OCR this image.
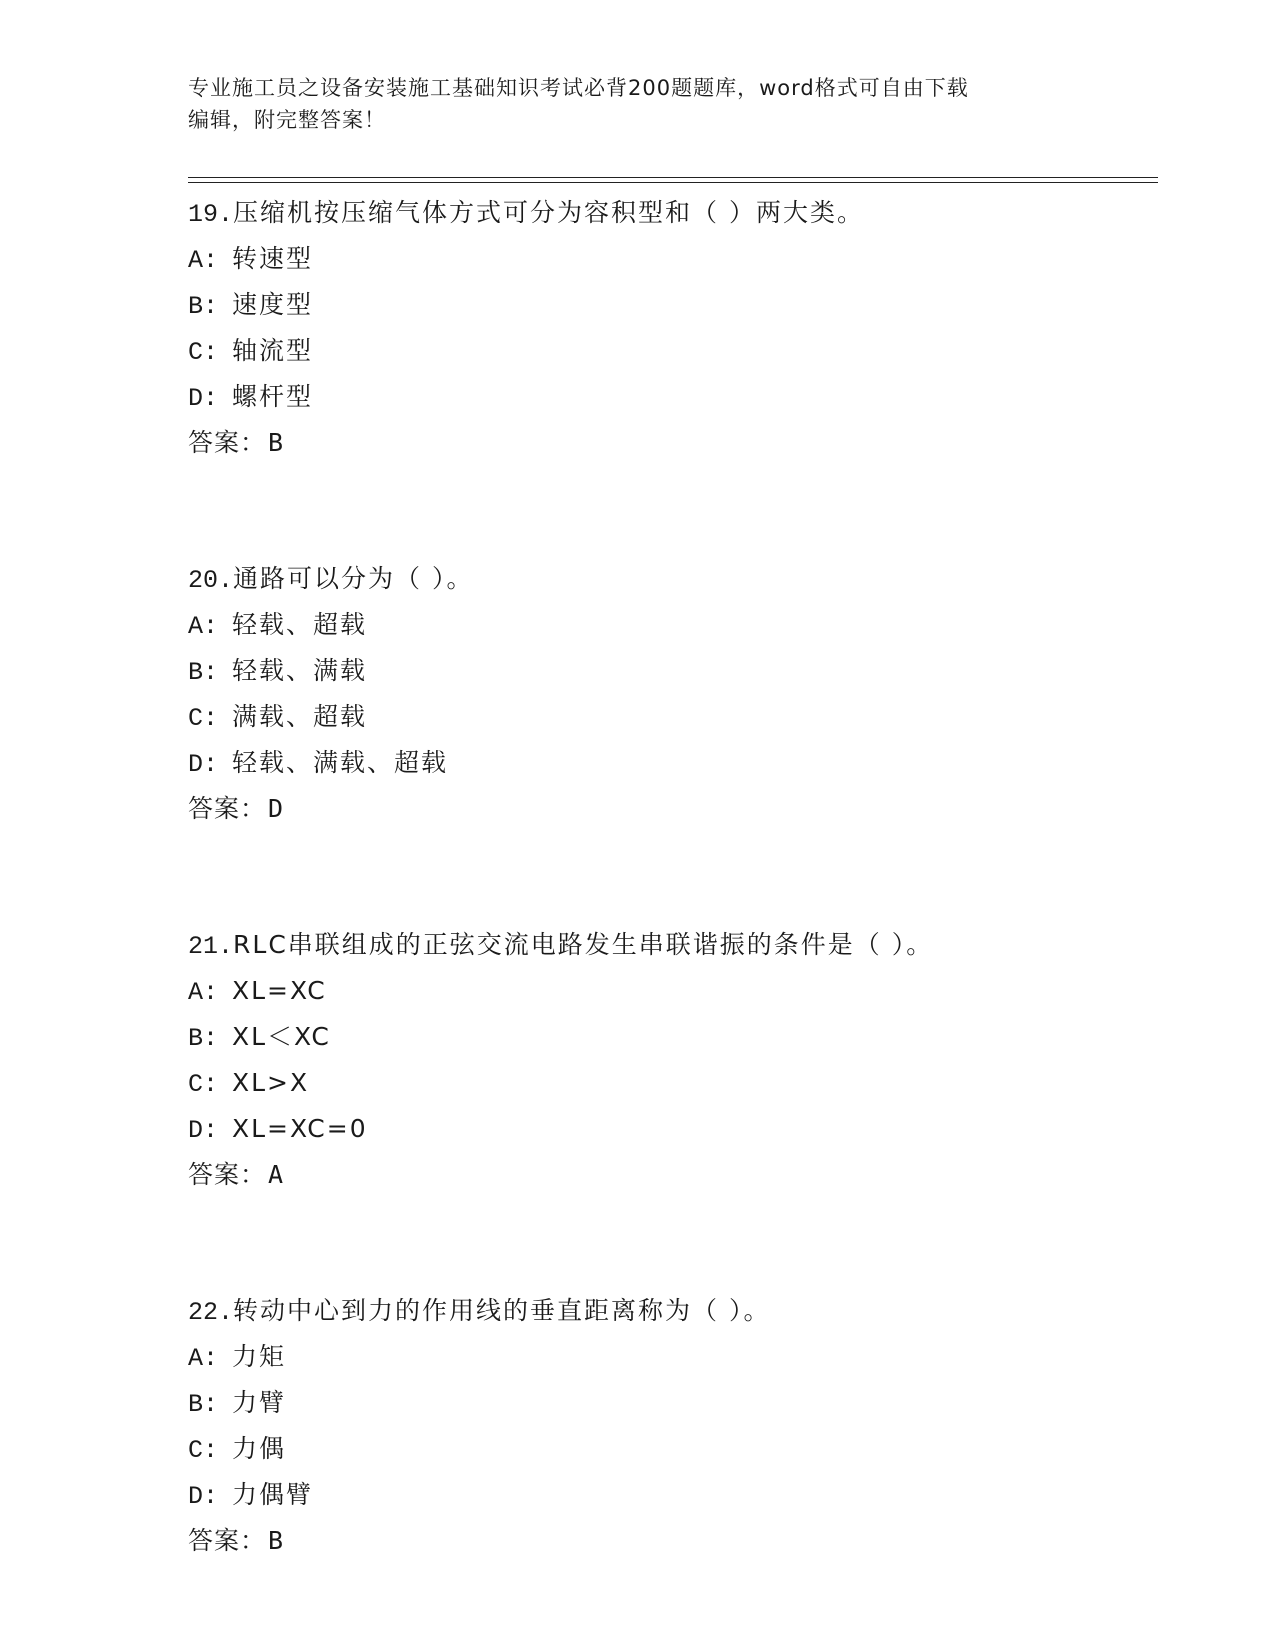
专业施工员之设备安装施工基础知识考试必背200题题库，word格式可自由下载
编辑，附完整答案！
19.压缩机按压缩气体方式可分为容积型和（ ）两大类。
A: 转速型
B: 速度型
C: 轴流型
D: 螺杆型
答案：B
20.通路可以分为（ ）。
A: 轻载、超载
B: 轻载、满载
C: 满载、超载
D: 轻载、满载、超载
答案：D
21.RLC串联组成的正弦交流电路发生串联谐振的条件是（ ）。
A: XL=XC
B: XL＜XC
C: XL>X
D: XL=XC=0
答案：A
22.转动中心到力的作用线的垂直距离称为（ ）。
A: 力矩
B: 力臂
C: 力偶
D: 力偶臂
答案：B
